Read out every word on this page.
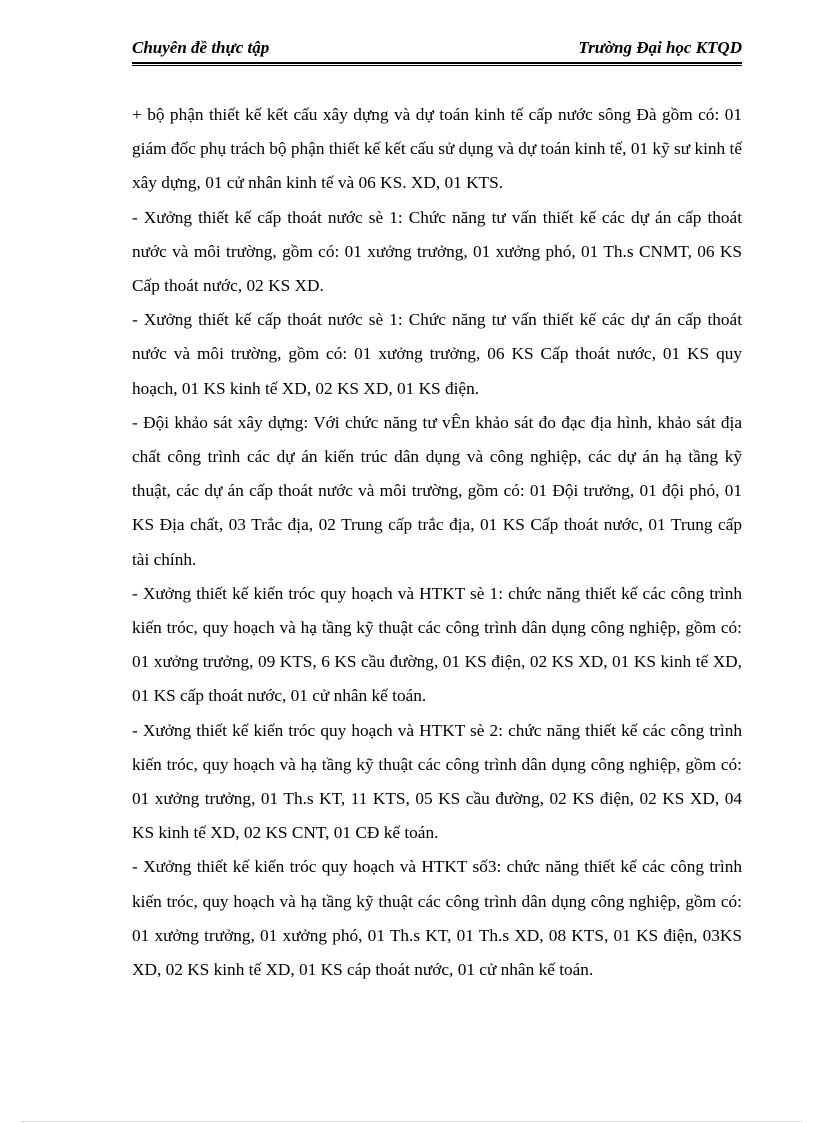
Chuyên đề thực tập	Trường Đại học KTQD

+ bộ phận thiết kế kết cấu xây dựng và dự toán kinh tế cấp nước sông Đà gồm có: 01 giám đốc phụ trách bộ phận thiết kế kết cấu sử dụng và dự toán kinh tế, 01 kỹ sư kinh tế xây dựng, 01 cử nhân kinh tế và 06 KS. XD, 01 KTS.

- Xưởng thiết kế cấp thoát nước sè 1: Chức năng tư vấn thiết kế các dự án cấp thoát nước và môi trường, gồm có: 01 xưởng trưởng, 01 xưởng phó, 01 Th.s CNMT, 06 KS Cấp thoát nước, 02 KS XD.

- Xưởng thiết kế cấp thoát nước sè 1: Chức năng tư vấn thiết kế các dự án cấp thoát nước và môi trường, gồm có: 01 xưởng trưởng, 06 KS Cấp thoát nước, 01 KS quy hoạch, 01 KS kinh tế XD, 02 KS XD, 01 KS điện.

- Đội khảo sát xây dựng: Với chức năng tư vÊn khảo sát đo đạc địa hình, khảo sát địa chất công trình các dự án kiến trúc dân dụng và công nghiệp, các dự án hạ tầng kỹ thuật, các dự án cấp thoát nước và môi trường, gồm có: 01 Đội trưởng, 01 đội phó, 01 KS Địa chất, 03 Trắc địa, 02 Trung cấp trắc địa, 01 KS Cấp thoát nước, 01 Trung cấp tài chính.

- Xưởng thiết kế kiến tróc quy hoạch và HTKT sè 1: chức năng thiết kế các công trình kiến tróc, quy hoạch và hạ tầng kỹ thuật các công trình dân dụng công nghiệp, gồm có: 01 xưởng trưởng, 09 KTS, 6 KS cầu đường, 01 KS điện, 02 KS XD, 01 KS kinh tế XD, 01 KS cấp thoát nước, 01 cử nhân kế toán.

- Xưởng thiết kế kiến tróc quy hoạch và HTKT sè 2: chức năng thiết kế các công trình kiến tróc, quy hoạch và hạ tầng kỹ thuật các công trình dân dụng công nghiệp, gồm có: 01 xưởng trưởng, 01 Th.s KT, 11 KTS, 05 KS cầu đường, 02 KS điện, 02 KS XD, 04 KS kinh tế XD, 02 KS CNT, 01 CĐ kế toán.

- Xưởng thiết kế kiến tróc quy hoạch và HTKT số3: chức năng thiết kế các công trình kiến tróc, quy hoạch và hạ tầng kỹ thuật các công trình dân dụng công nghiệp, gồm có: 01 xưởng trưởng, 01 xưởng phó, 01 Th.s KT, 01 Th.s XD, 08 KTS, 01 KS điện, 03KS XD, 02 KS kinh tế XD, 01 KS cáp thoát nước, 01 cử nhân kế toán.
